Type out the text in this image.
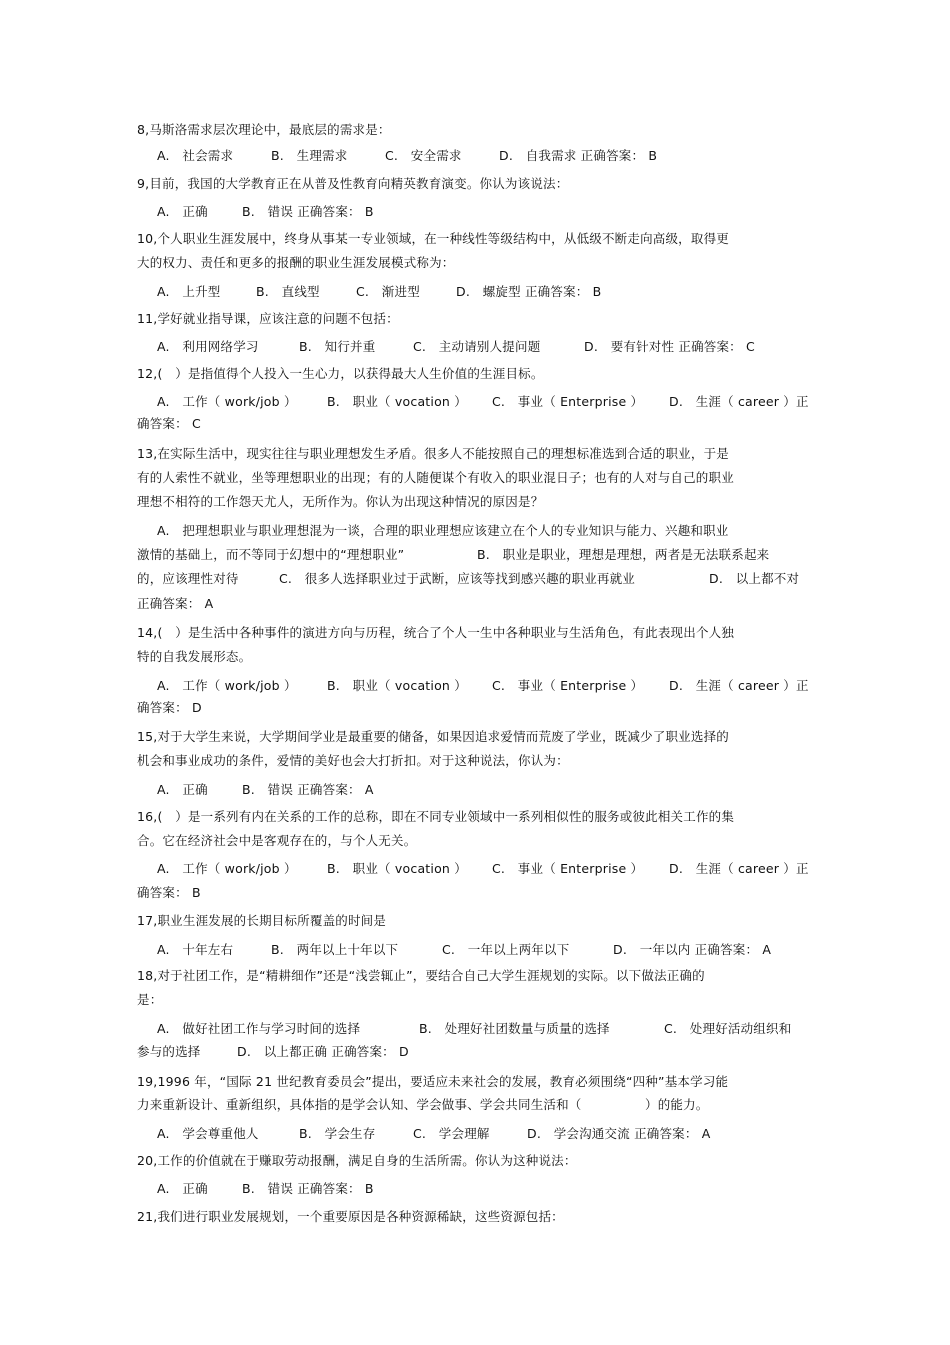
8,马斯洛需求层次理论中，最底层的需求是：
A.　社会需求	B.　生理需求	C.　安全需求	D.　自我需求 正确答案： B
9,目前，我国的大学教育正在从普及性教育向精英教育演变。你认为该说法：
A.　正确	B.　错误 正确答案： B
10,个人职业生涯发展中，终身从事某一专业领域，在一种线性等级结构中，从低级不断走向高级，取得更
大的权力、责任和更多的报酬的职业生涯发展模式称为：
A.　上升型	B.　直线型	C.　渐进型	D.　螺旋型 正确答案： B
11,学好就业指导课，应该注意的问题不包括：
A.　利用网络学习	B.　知行并重	C.　主动请别人提问题	D.　要有针对性 正确答案： C
12,(　）是指值得个人投入一生心力，以获得最大人生价值的生涯目标。
A.　工作（ work/job ） B.　职业（ vocation ） C.　事业（ Enterprise ） D.　生涯（ career ）正
确答案： C
13,在实际生活中，现实往往与职业理想发生矛盾。很多人不能按照自己的理想标准选到合适的职业，于是
有的人索性不就业，坐等理想职业的出现；有的人随便谋个有收入的职业混日子；也有的人对与自己的职业
理想不相符的工作怨天尤人，无所作为。你认为出现这种情况的原因是？
A.　把理想职业与职业理想混为一谈，合理的职业理想应该建立在个人的专业知识与能力、兴趣和职业
激情的基础上，而不等同于幻想中的“理想职业”	B.　职业是职业，理想是理想，两者是无法联系起来
的，应该理性对待	C.　很多人选择职业过于武断，应该等找到感兴趣的职业再就业	D.　以上都不对
正确答案： A
14,(　）是生活中各种事件的演进方向与历程，统合了个人一生中各种职业与生活角色，有此表现出个人独
特的自我发展形态。
A.　工作（ work/job ） B.　职业（ vocation ） C.　事业（ Enterprise ） D.　生涯（ career ）正
确答案： D
15,对于大学生来说，大学期间学业是最重要的储备，如果因追求爱情而荒废了学业，既减少了职业选择的
机会和事业成功的条件，爱情的美好也会大打折扣。对于这种说法，你认为：
A.　正确	B.　错误 正确答案： A
16,(　）是一系列有内在关系的工作的总称，即在不同专业领域中一系列相似性的服务或彼此相关工作的集
合。它在经济社会中是客观存在的，与个人无关。
A.　工作（ work/job ） B.　职业（ vocation ） C.　事业（ Enterprise ） D.　生涯（ career ）正
确答案： B
17,职业生涯发展的长期目标所覆盖的时间是
A.　十年左右	B.　两年以上十年以下	C.　一年以上两年以下	D.　一年以内 正确答案： A
18,对于社团工作，是“精耕细作”还是“浅尝辄止”，要结合自己大学生涯规划的实际。以下做法正确的
是：
A.　做好社团工作与学习时间的选择	B.　处理好社团数量与质量的选择	C.　处理好活动组织和
参与的选择	D.　以上都正确 正确答案： D
19,1996 年，“国际 21 世纪教育委员会”提出，要适应未来社会的发展，教育必须围绕“四种”基本学习能
力来重新设计、重新组织，具体指的是学会认知、学会做事、学会共同生活和（　　　　　）的能力。
A.　学会尊重他人	B.　学会生存	C.　学会理解	D.　学会沟通交流 正确答案： A
20,工作的价值就在于赚取劳动报酬，满足自身的生活所需。你认为这种说法：
A.　正确	B.　错误 正确答案： B
21,我们进行职业发展规划，一个重要原因是各种资源稀缺，这些资源包括：
